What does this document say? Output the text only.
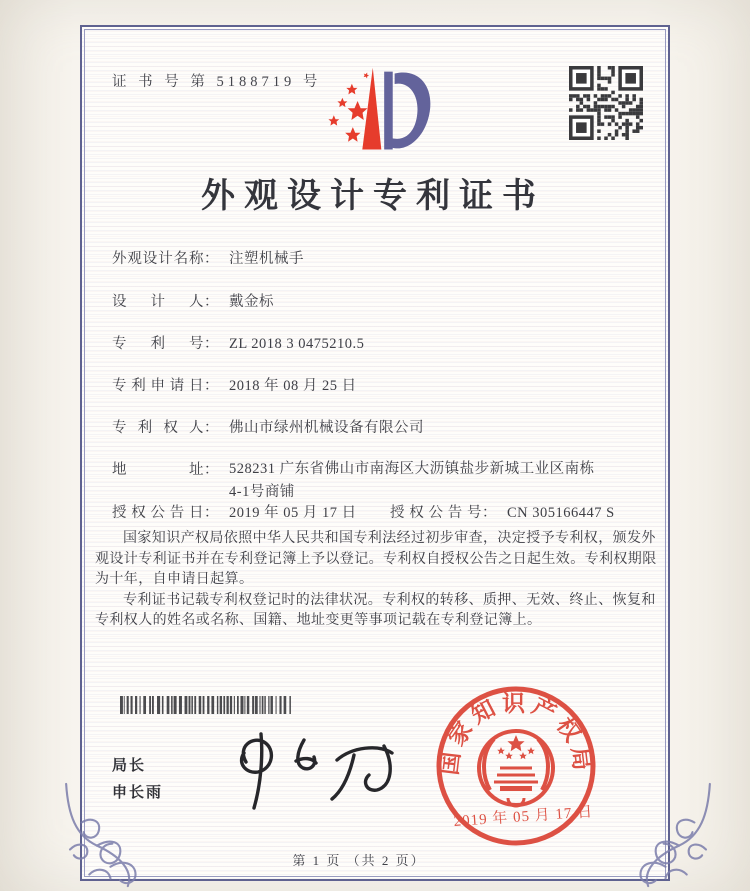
证 书 号 第 5188719 号
外观设计专利证书
外观设计名称： 注塑机械手
设计人： 戴金标
专利号： ZL 2018 3 0475210.5
专利申请日： 2018 年 08 月 25 日
专利权人： 佛山市绿州机械设备有限公司
地址： 528231 广东省佛山市南海区大沥镇盐步新城工业区南栋4-1号商铺
授权公告日： 2019 年 05 月 17 日 授权公告号： CN 305166447 S

国家知识产权局依照中华人民共和国专利法经过初步审查，决定授予专利权，颁发外观设计专利证书并在专利登记簿上予以登记。专利权自授权公告之日起生效。专利权期限为十年，自申请日起算。

专利证书记载专利权登记时的法律状况。专利权的转移、质押、无效、终止、恢复和专利权人的姓名或名称、国籍、地址变更等事项记载在专利登记簿上。

局长
申长雨
国家知识产权局
2019 年 05 月 17 日
第 1 页 （共 2 页）
